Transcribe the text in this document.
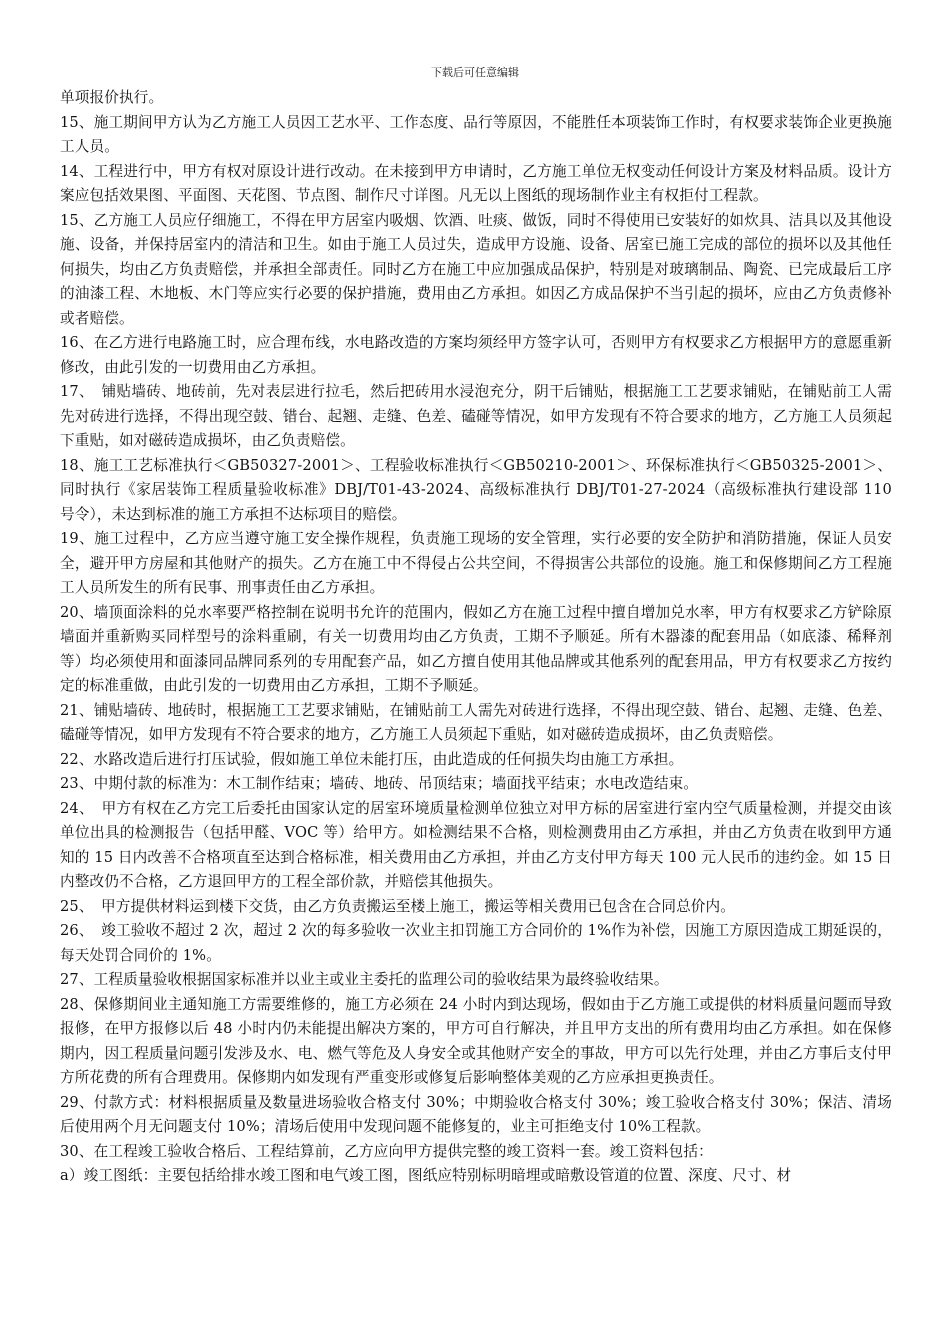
下载后可任意编辑

单项报价执行。

15、施工期间甲方认为乙方施工人员因工艺水平、工作态度、品行等原因，不能胜任本项装饰工作时，有权要求装饰企业更换施工人员。

14、工程进行中，甲方有权对原设计进行改动。在未接到甲方申请时，乙方施工单位无权变动任何设计方案及材料品质。设计方案应包括效果图、平面图、天花图、节点图、制作尺寸详图。凡无以上图纸的现场制作业主有权拒付工程款。

15、乙方施工人员应仔细施工，不得在甲方居室内吸烟、饮酒、吐痰、做饭，同时不得使用已安装好的如炊具、洁具以及其他设施、设备，并保持居室内的清洁和卫生。如由于施工人员过失，造成甲方设施、设备、居室已施工完成的部位的损坏以及其他任何损失，均由乙方负责赔偿，并承担全部责任。同时乙方在施工中应加强成品保护，特别是对玻璃制品、陶瓷、已完成最后工序的油漆工程、木地板、木门等应实行必要的保护措施，费用由乙方承担。如因乙方成品保护不当引起的损坏，应由乙方负责修补或者赔偿。

16、在乙方进行电路施工时，应合理布线，水电路改造的方案均须经甲方签字认可，否则甲方有权要求乙方根据甲方的意愿重新修改，由此引发的一切费用由乙方承担。

17、　铺贴墙砖、地砖前，先对表层进行拉毛，然后把砖用水浸泡充分，阴干后铺贴，根据施工工艺要求铺贴，在铺贴前工人需先对砖进行选择，不得出现空鼓、错台、起翘、走缝、色差、磕碰等情况，如甲方发现有不符合要求的地方，乙方施工人员须起下重贴，如对磁砖造成损坏，由乙负责赔偿。

18、施工工艺标准执行＜GB50327-2001＞、工程验收标准执行＜GB50210-2001＞、环保标准执行＜GB50325-2001＞、同时执行《家居装饰工程质量验收标准》DBJ/T01-43-2024、高级标准执行 DBJ/T01-27-2024（高级标准执行建设部 110 号令），未达到标准的施工方承担不达标项目的赔偿。

19、施工过程中，乙方应当遵守施工安全操作规程，负责施工现场的安全管理，实行必要的安全防护和消防措施，保证人员安全，避开甲方房屋和其他财产的损失。乙方在施工中不得侵占公共空间，不得损害公共部位的设施。施工和保修期间乙方工程施工人员所发生的所有民事、刑事责任由乙方承担。

20、墙顶面涂料的兑水率要严格控制在说明书允许的范围内，假如乙方在施工过程中擅自增加兑水率，甲方有权要求乙方铲除原墙面并重新购买同样型号的涂料重刷，有关一切费用均由乙方负责，工期不予顺延。所有木器漆的配套用品（如底漆、稀释剂等）均必须使用和面漆同品牌同系列的专用配套产品，如乙方擅自使用其他品牌或其他系列的配套用品，甲方有权要求乙方按约定的标准重做，由此引发的一切费用由乙方承担，工期不予顺延。

21、铺贴墙砖、地砖时，根据施工工艺要求铺贴，在铺贴前工人需先对砖进行选择，不得出现空鼓、错台、起翘、走缝、色差、磕碰等情况，如甲方发现有不符合要求的地方，乙方施工人员须起下重贴，如对磁砖造成损坏，由乙负责赔偿。

22、水路改造后进行打压试验，假如施工单位未能打压，由此造成的任何损失均由施工方承担。

23、中期付款的标准为：木工制作结束；墙砖、地砖、吊顶结束；墙面找平结束；水电改造结束。

24、　甲方有权在乙方完工后委托由国家认定的居室环境质量检测单位独立对甲方标的居室进行室内空气质量检测，并提交由该单位出具的检测报告（包括甲醛、VOC 等）给甲方。如检测结果不合格，则检测费用由乙方承担，并由乙方负责在收到甲方通知的 15 日内改善不合格项直至达到合格标准，相关费用由乙方承担，并由乙方支付甲方每天 100 元人民币的违约金。如 15 日内整改仍不合格，乙方退回甲方的工程全部价款，并赔偿其他损失。

25、　甲方提供材料运到楼下交货，由乙方负责搬运至楼上施工，搬运等相关费用已包含在合同总价内。

26、　竣工验收不超过 2 次，超过 2 次的每多验收一次业主扣罚施工方合同价的 1%作为补偿，因施工方原因造成工期延误的，每天处罚合同价的 1%。

27、工程质量验收根据国家标准并以业主或业主委托的监理公司的验收结果为最终验收结果。

28、保修期间业主通知施工方需要维修的，施工方必须在 24 小时内到达现场，假如由于乙方施工或提供的材料质量问题而导致报修，在甲方报修以后 48 小时内仍未能提出解决方案的，甲方可自行解决，并且甲方支出的所有费用均由乙方承担。如在保修期内，因工程质量问题引发涉及水、电、燃气等危及人身安全或其他财产安全的事故，甲方可以先行处理，并由乙方事后支付甲方所花费的所有合理费用。保修期内如发现有严重变形或修复后影响整体美观的乙方应承担更换责任。

29、付款方式：材料根据质量及数量进场验收合格支付 30%；中期验收合格支付 30%；竣工验收合格支付 30%；保洁、清场后使用两个月无问题支付 10%；清场后使用中发现问题不能修复的，业主可拒绝支付 10%工程款。

30、在工程竣工验收合格后、工程结算前，乙方应向甲方提供完整的竣工资料一套。竣工资料包括：

a）竣工图纸：主要包括给排水竣工图和电气竣工图，图纸应特别标明暗埋或暗敷设管道的位置、深度、尺寸、材
